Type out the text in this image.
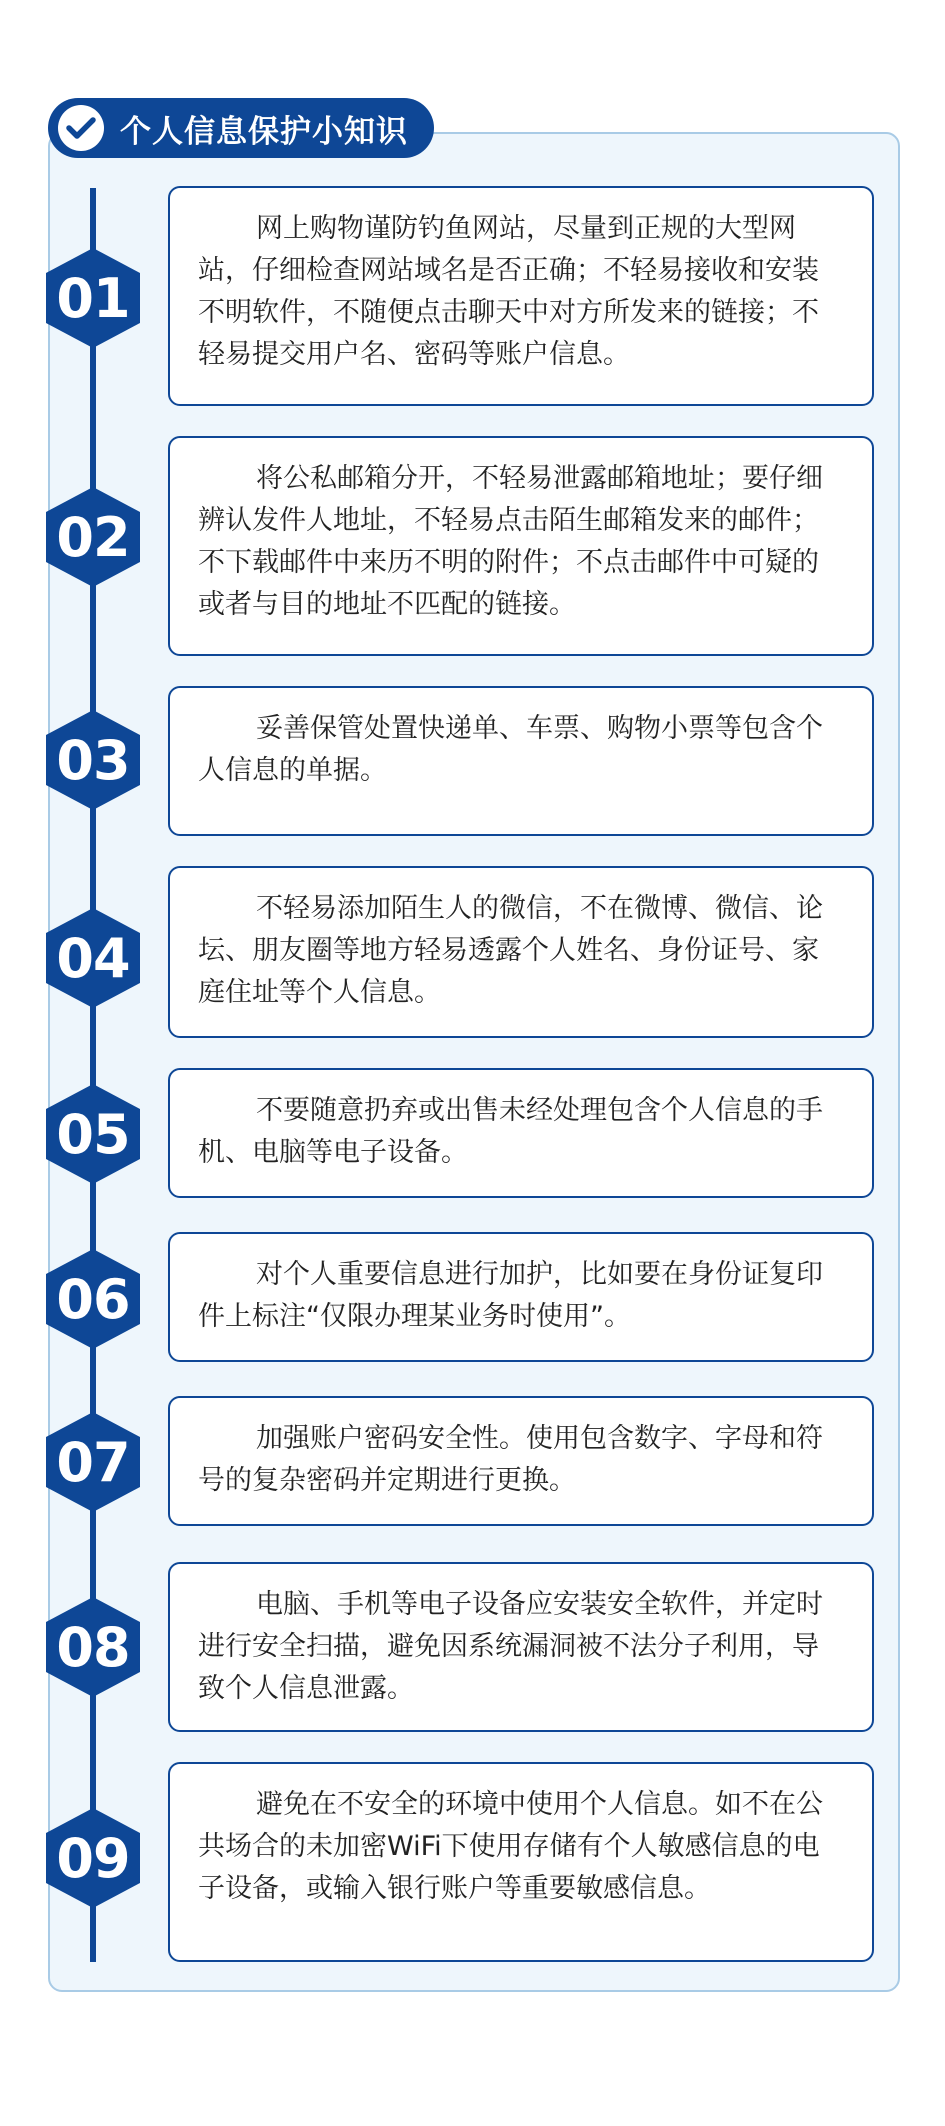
个人信息保护小知识
01

网上购物谨防钓鱼网站，尽量到正规的大型网站，仔细检查网站域名是否正确；不轻易接收和安装不明软件，不随便点击聊天中对方所发来的链接；不轻易提交用户名、密码等账户信息。

02

将公私邮箱分开，不轻易泄露邮箱地址；要仔细辨认发件人地址，不轻易点击陌生邮箱发来的邮件；不下载邮件中来历不明的附件；不点击邮件中可疑的或者与目的地址不匹配的链接。

03	妥善保管处置快递单、车票、购物小票等包含个人信息的单据。

04

不轻易添加陌生人的微信，不在微博、微信、论坛、朋友圈等地方轻易透露个人姓名、身份证号、家庭住址等个人信息。

05	不要随意扔弃或出售未经处理包含个人信息的手机、电脑等电子设备。

06	对个人重要信息进行加护，比如要在身份证复印件上标注“仅限办理某业务时使用”。

07	加强账户密码安全性。使用包含数字、字母和符号的复杂密码并定期进行更换。

08

电脑、手机等电子设备应安装安全软件，并定时进行安全扫描，避免因系统漏洞被不法分子利用，导致个人信息泄露。

09

避免在不安全的环境中使用个人信息。如不在公共场合的未加密WiFi下使用存储有个人敏感信息的电子设备，或输入银行账户等重要敏感信息。
